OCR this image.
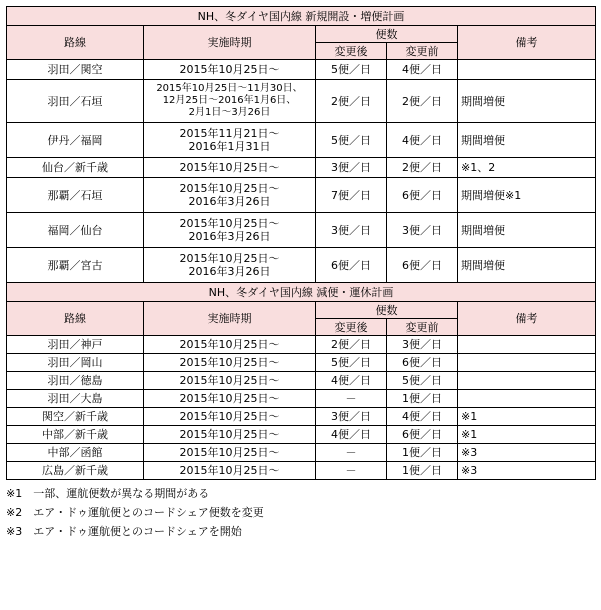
NH、冬ダイヤ国内線 新規開設・増便計画				
路線	実施時期	便数		備考
		変更後	変更前	
羽田／関空	2015年10月25日～	5便／日	4便／日	
羽田／石垣	2015年10月25日～11月30日、
12月25日～2016年1月6日、
2月1日～3月26日	2便／日	2便／日	期間増便
伊丹／福岡	2015年11月21日～
2016年1月31日	5便／日	4便／日	期間増便
仙台／新千歳	2015年10月25日～	3便／日	2便／日	※1、2
那覇／石垣	2015年10月25日～
2016年3月26日	7便／日	6便／日	期間増便※1
福岡／仙台	2015年10月25日～
2016年3月26日	3便／日	3便／日	期間増便
那覇／宮古	2015年10月25日～
2016年3月26日	6便／日	6便／日	期間増便
NH、冬ダイヤ国内線 減便・運休計画				
路線	実施時期	便数		備考
		変更後	変更前	
羽田／神戸	2015年10月25日～	2便／日	3便／日	
羽田／岡山	2015年10月25日～	5便／日	6便／日	
羽田／徳島	2015年10月25日～	4便／日	5便／日	
羽田／大島	2015年10月25日～	－	1便／日	
関空／新千歳	2015年10月25日～	3便／日	4便／日	※1
中部／新千歳	2015年10月25日～	4便／日	6便／日	※1
中部／函館	2015年10月25日～	－	1便／日	※3
広島／新千歳	2015年10月25日～	－	1便／日	※3
※1　一部、運航便数が異なる期間がある
※2　エア・ドゥ運航便とのコードシェア便数を変更
※3　エア・ドゥ運航便とのコードシェアを開始
